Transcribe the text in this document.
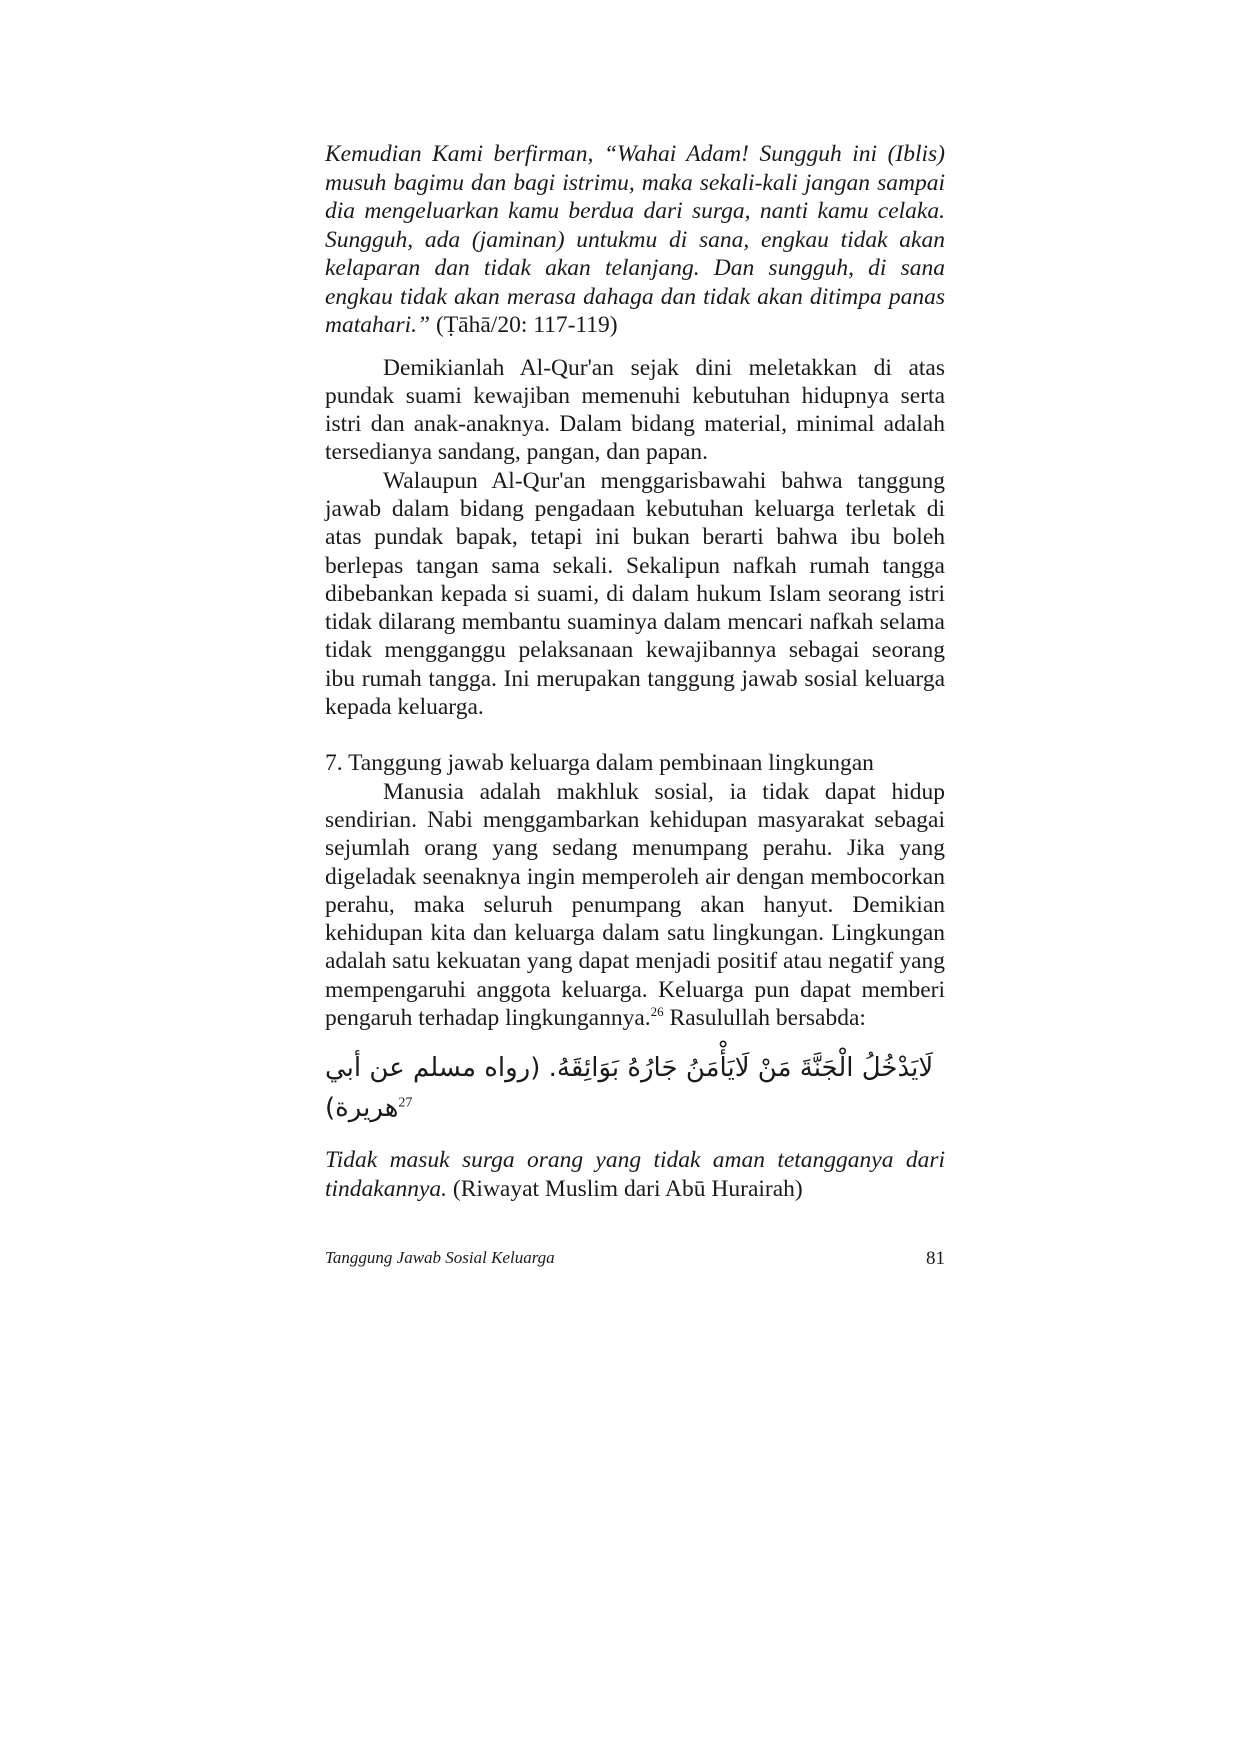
Kemudian Kami berfirman, “Wahai Adam! Sungguh ini (Iblis) musuh bagimu dan bagi istrimu, maka sekali-kali jangan sampai dia mengeluarkan kamu berdua dari surga, nanti kamu celaka. Sungguh, ada (jaminan) untukmu di sana, engkau tidak akan kelaparan dan tidak akan telanjang. Dan sungguh, di sana engkau tidak akan merasa dahaga dan tidak akan ditimpa panas matahari.” (Ṭāhā/20: 117-119)

Demikianlah Al-Qur'an sejak dini meletakkan di atas pundak suami kewajiban memenuhi kebutuhan hidupnya serta istri dan anak-anaknya. Dalam bidang material, minimal adalah tersedianya sandang, pangan, dan papan.

Walaupun Al-Qur'an menggarisbawahi bahwa tanggung jawab dalam bidang pengadaan kebutuhan keluarga terletak di atas pundak bapak, tetapi ini bukan berarti bahwa ibu boleh berlepas tangan sama sekali. Sekalipun nafkah rumah tangga dibebankan kepada si suami, di dalam hukum Islam seorang istri tidak dilarang membantu suaminya dalam mencari nafkah selama tidak mengganggu pelaksanaan kewajibannya sebagai seorang ibu rumah tangga. Ini merupakan tanggung jawab sosial keluarga kepada keluarga.

7. Tanggung jawab keluarga dalam pembinaan lingkungan

Manusia adalah makhluk sosial, ia tidak dapat hidup sendirian. Nabi menggambarkan kehidupan masyarakat sebagai sejumlah orang yang sedang menumpang perahu. Jika yang digeladak seenaknya ingin memperoleh air dengan membocorkan perahu, maka seluruh penumpang akan hanyut. Demikian kehidupan kita dan keluarga dalam satu lingkungan. Lingkungan adalah satu kekuatan yang dapat menjadi positif atau negatif yang mempengaruhi anggota keluarga. Keluarga pun dapat memberi pengaruh terhadap lingkungannya.$^{26}$ Rasulullah bersabda:

لَايَدْخُلُ الْجَنَّةَ مَنْ لَايَأْمَنُ جَارُهُ بَوَائِقَهُ. (رواه مسلم عن أبي هريرة)$^{27}$

Tidak masuk surga orang yang tidak aman tetangganya dari tindakannya. (Riwayat Muslim dari Abū Hurairah)

Tanggung Jawab Sosial Keluarga	81
